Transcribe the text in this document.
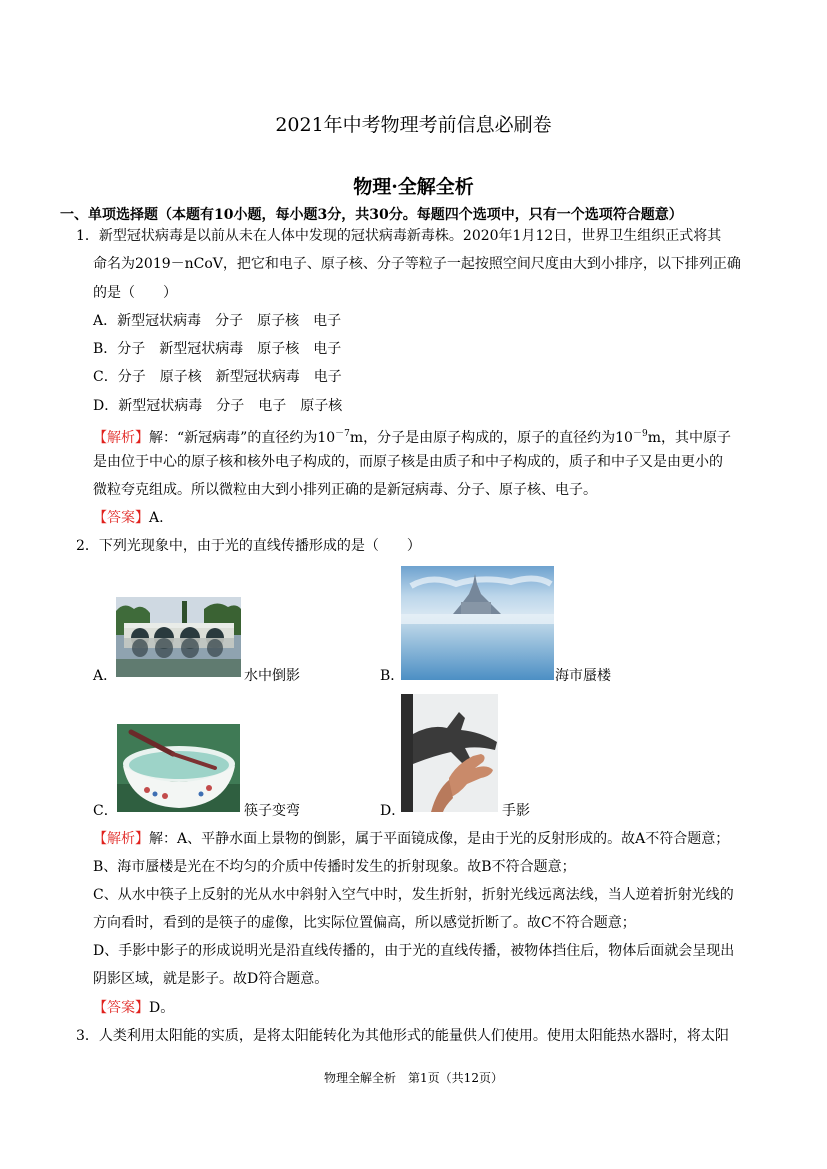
2021年中考物理考前信息必刷卷
物理·全解全析
一、单项选择题（本题有10小题，每小题3分，共30分。每题四个选项中，只有一个选项符合题意）
1．新型冠状病毒是以前从未在人体中发现的冠状病毒新毒株。2020年1月12日，世界卫生组织正式将其
命名为2019－nCoV，把它和电子、原子核、分子等粒子一起按照空间尺度由大到小排序，以下排列正确
的是（　　）
A．新型冠状病毒　分子　原子核　电子
B．分子　新型冠状病毒　原子核　电子
C．分子　原子核　新型冠状病毒　电子
D．新型冠状病毒　分子　电子　原子核
【解析】解：“新冠病毒”的直径约为$10^{-7}m$，分子是由原子构成的，原子的直径约为$10^{-9}m$，其中原子
是由位于中心的原子核和核外电子构成的，而原子核是由质子和中子构成的，质子和中子又是由更小的
微粒夸克组成。所以微粒由大到小排列正确的是新冠病毒、分子、原子核、电子。
【答案】A.
2．下列光现象中，由于光的直线传播形成的是（　　）
A．	水中倒影	B．	海市蜃楼
C．	筷子变弯	D．	手影
【解析】解：A、平静水面上景物的倒影，属于平面镜成像，是由于光的反射形成的。故A不符合题意；
B、海市蜃楼是光在不均匀的介质中传播时发生的折射现象。故B不符合题意；
C、从水中筷子上反射的光从水中斜射入空气中时，发生折射，折射光线远离法线，当人逆着折射光线的
方向看时，看到的是筷子的虚像，比实际位置偏高，所以感觉折断了。故C不符合题意；
D、手影中影子的形成说明光是沿直线传播的，由于光的直线传播，被物体挡住后，物体后面就会呈现出
阴影区域，就是影子。故D符合题意。
【答案】D。
3．人类利用太阳能的实质，是将太阳能转化为其他形式的能量供人们使用。使用太阳能热水器时，将太阳
物理全解全析　第1页（共12页）
